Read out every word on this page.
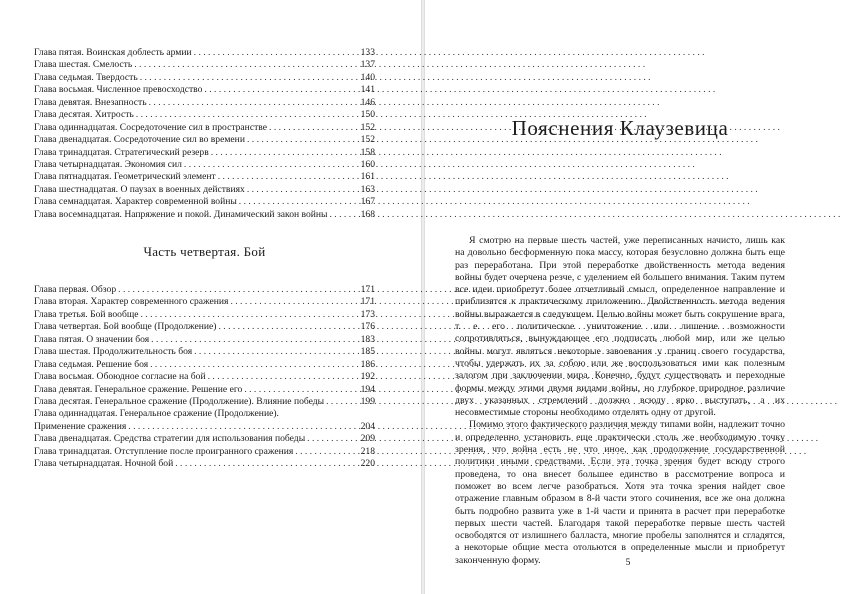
Глава пятая. Воинская доблесть армии . . .	133
Глава шестая. Смелость . . .	137
Глава седьмая. Твердость . . .	140
Глава восьмая. Численное превосходство . . .	141
Глава девятая. Внезапность . . .	146
Глава десятая. Хитрость . . .	150
Глава одиннадцатая. Сосредоточение сил в пространстве . . .	152
Глава двенадцатая. Сосредоточение сил во времени . . .	152
Глава тринадцатая. Стратегический резерв . . .	158
Глава четырнадцатая. Экономия сил . . .	160
Глава пятнадцатая. Геометрический элемент . . .	161
Глава шестнадцатая. О паузах в военных действиях . . .	163
Глава семнадцатая. Характер современной войны . . .	167
Глава восемнадцатая. Напряжение и покой. Динамический закон войны . . .	168
Часть четвертая. Бой
Глава первая. Обзор . . .	171
Глава вторая. Характер современного сражения . . .	171
Глава третья. Бой вообще . . .	173
Глава четвертая. Бой вообще (Продолжение) . . .	176
Глава пятая. О значении боя . . .	183
Глава шестая. Продолжительность боя . . .	185
Глава седьмая. Решение боя . . .	186
Глава восьмая. Обоюдное согласие на бой . . .	192
Глава девятая. Генеральное сражение. Решение его . . .	194
Глава десятая. Генеральное сражение (Продолжение). Влияние победы . . .	199
Глава одиннадцатая. Генеральное сражение (Продолжение).
Применение сражения . . .	204
Глава двенадцатая. Средства стратегии для использования победы . . .	209
Глава тринадцатая. Отступление после проигранного сражения . . .	218
Глава четырнадцатая. Ночной бой . . .	220
Пояснения Клаузевица

Я смотрю на первые шесть частей, уже переписанных начисто, лишь как на довольно бесформенную пока массу, которая безусловно должна быть еще раз переработана. При этой переработке двойственность метода ведения войны будет очерчена резче, с уделением ей большего внимания. Таким путем все идеи приобретут более отчетливый смысл, определенное направление и приблизятся к практическому приложению. Двойственность метода ведения войны выражается в следующем. Целью войны может быть сокрушение врага, т. е. его политическое уничтожение или лишение возможности сопротивляться, вынуждающее его подписать любой мир, или же целью войны могут являться некоторые завоевания у границ своего государства, чтобы удержать их за собою или же воспользоваться ими как полезным залогом при заключении мира. Конечно, будут существовать и переходные формы между этими двумя видами войны, но глубокое природное различие двух указанных стремлений должно всюду ярко выступать, а их несовместимые стороны необходимо отделять одну от другой.

Помимо этого фактического различия между типами войн, надлежит точно и определенно установить еще практически столь же необходимую точку зрения, что война есть не что иное, как продолжение государственной политики иными средствами. Если эта точка зрения будет всюду строго проведена, то она внесет большее единство в рассмотрение вопроса и поможет во всем легче разобраться. Хотя эта точка зрения найдет свое отражение главным образом в 8-й части этого сочинения, все же она должна быть подробно развита уже в 1-й части и принята в расчет при переработке первых шести частей. Благодаря такой переработке первые шесть частей освободятся от излишнего балласта, многие пробелы заполнятся и сгладятся, а некоторые общие места отольются в определенные мысли и приобретут законченную форму.	5
